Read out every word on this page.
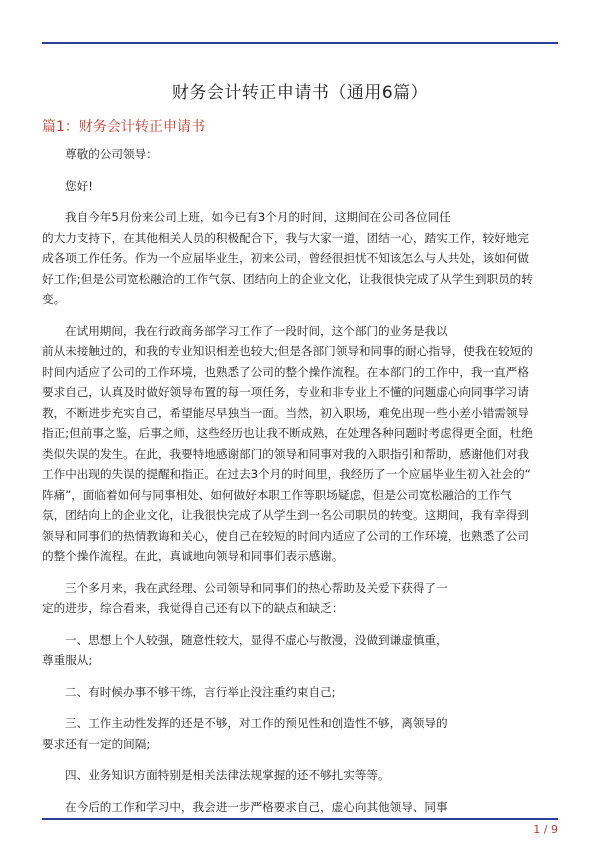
财务会计转正申请书（通用6篇）
篇1：财务会计转正申请书

尊敬的公司领导：

您好!

我自今年5月份来公司上班，如今已有3个月的时间，这期间在公司各位同任
的大力支持下，在其他相关人员的积极配合下，我与大家一道，团结一心，踏实工作，较好地完
成各项工作任务。作为一个应届毕业生，初来公司，曾经很担忧不知该怎么与人共处，该如何做
好工作;但是公司宽松融洽的工作气氛、团结向上的企业文化，让我很快完成了从学生到职员的转
变。

在试用期间，我在行政商务部学习工作了一段时间，这个部门的业务是我以
前从未接触过的，和我的专业知识相差也较大;但是各部门领导和同事的耐心指导，使我在较短的
时间内适应了公司的工作环境，也熟悉了公司的整个操作流程。在本部门的工作中，我一直严格
要求自己，认真及时做好领导布置的每一项任务，专业和非专业上不懂的问题虚心向同事学习请
教，不断进步充实自己，希望能尽早独当一面。当然，初入职场，难免出现一些小差小错需领导
指正;但前事之鉴，后事之师，这些经历也让我不断成熟，在处理各种问题时考虑得更全面，杜绝
类似失误的发生。在此，我要特地感谢部门的领导和同事对我的入职指引和帮助，感谢他们对我
工作中出现的失误的提醒和指正。在过去3个月的时间里，我经历了一个应届毕业生初入社会的“
阵痛”，面临着如何与同事相处、如何做好本职工作等职场疑虑，但是公司宽松融洽的工作气
氛，团结向上的企业文化，让我很快完成了从学生到一名公司职员的转变。这期间，我有幸得到
领导和同事们的热情教诲和关心，使自己在较短的时间内适应了公司的工作环境，也熟悉了公司
的整个操作流程。在此，真诚地向领导和同事们表示感谢。

三个多月来，我在武经理、公司领导和同事们的热心帮助及关爱下获得了一
定的进步，综合看来，我觉得自己还有以下的缺点和缺乏：

一、思想上个人较强，随意性较大，显得不虚心与散漫，没做到谦虚慎重，
尊重服从;

二、有时候办事不够干练，言行举止没注重约束自己;

三、工作主动性发挥的还是不够，对工作的预见性和创造性不够，离领导的
要求还有一定的间隔;

四、业务知识方面特别是相关法律法规掌握的还不够扎实等等。

在今后的工作和学习中，我会进一步严格要求自己，虚心向其他领导、同事

1 / 9
